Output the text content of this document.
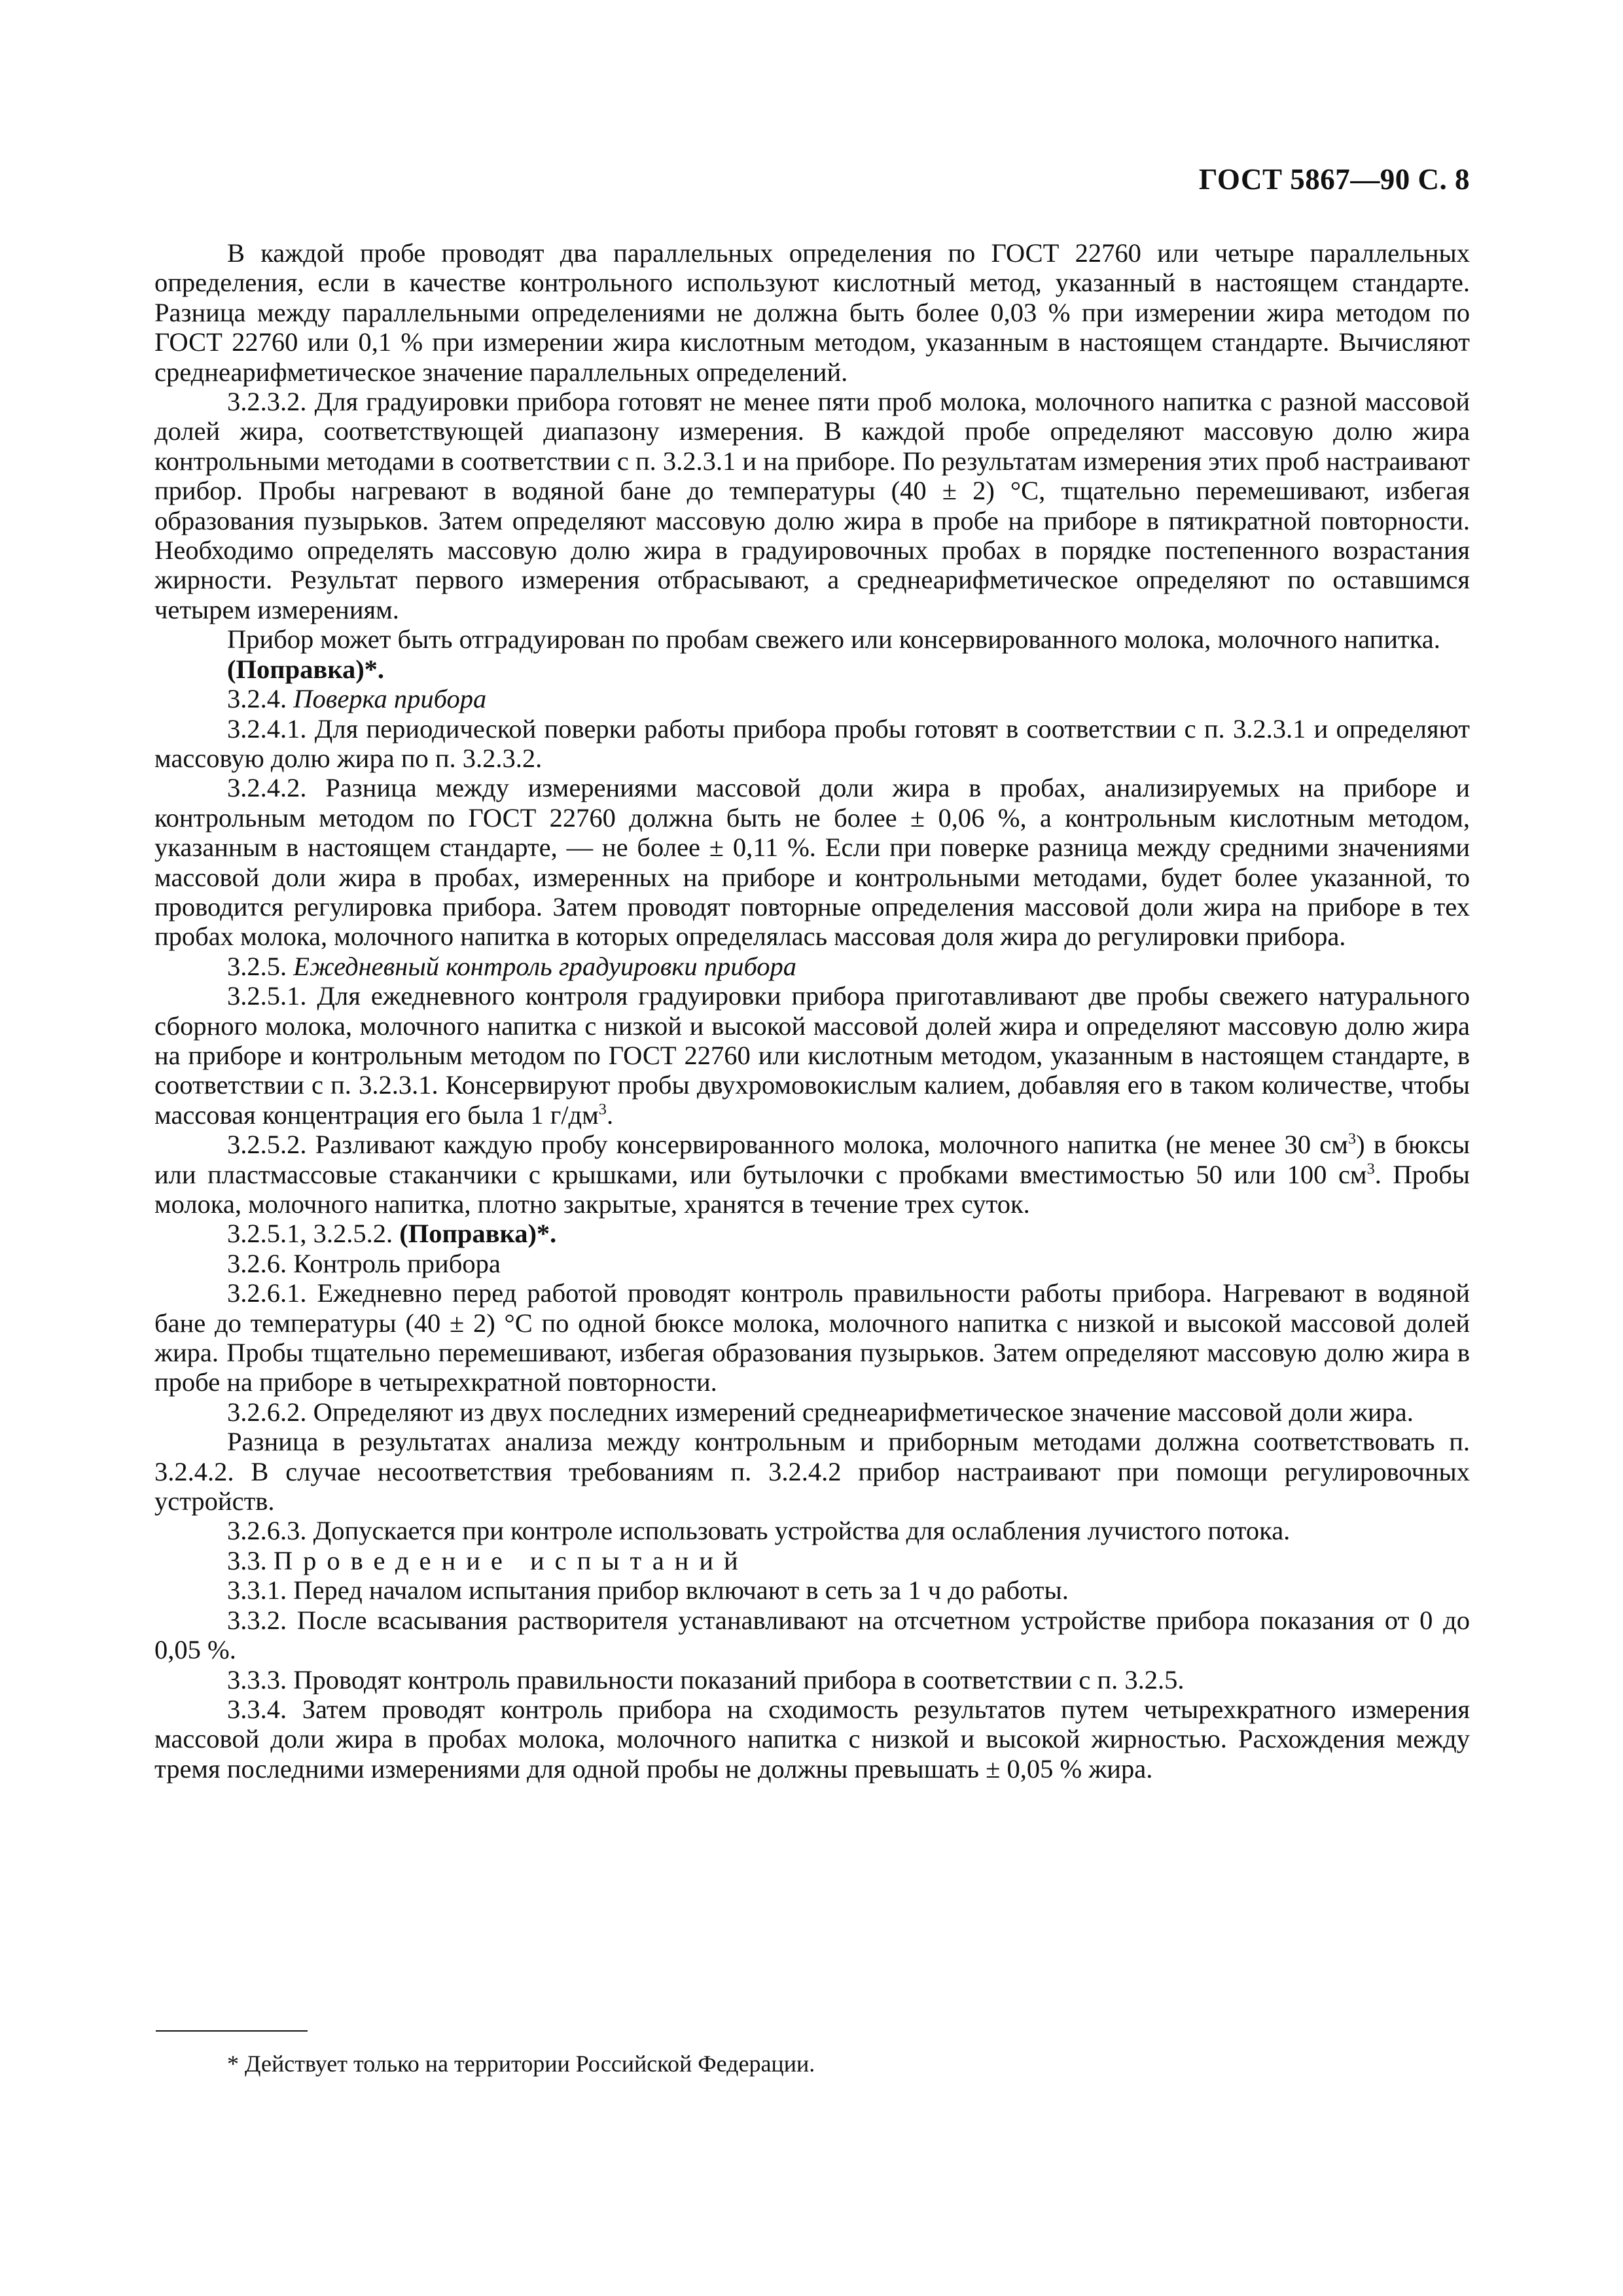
ГОСТ 5867—90 С. 8

В каждой пробе проводят два параллельных определения по ГОСТ 22760 или четыре параллельных определения, если в качестве контрольного используют кислотный метод, указанный в настоящем стандарте. Разница между параллельными определениями не должна быть более 0,03 % при измерении жира методом по ГОСТ 22760 или 0,1 % при измерении жира кислотным методом, указанным в настоящем стандарте. Вычисляют среднеарифметическое значение параллельных определений.

3.2.3.2. Для градуировки прибора готовят не менее пяти проб молока, молочного напитка с разной массовой долей жира, соответствующей диапазону измерения. В каждой пробе определяют массовую долю жира контрольными методами в соответствии с п. 3.2.3.1 и на приборе. По результатам измерения этих проб настраивают прибор. Пробы нагревают в водяной бане до температуры (40 ± 2) °С, тщательно перемешивают, избегая образования пузырьков. Затем определяют массовую долю жира в пробе на приборе в пятикратной повторности. Необходимо определять массовую долю жира в градуировочных пробах в порядке постепенного возрастания жирности. Результат первого измерения отбрасывают, а среднеарифметическое определяют по оставшимся четырем измерениям.

Прибор может быть отградуирован по пробам свежего или консервированного молока, молочного напитка.

(Поправка)*.

3.2.4. Поверка прибора

3.2.4.1. Для периодической поверки работы прибора пробы готовят в соответствии с п. 3.2.3.1 и определяют массовую долю жира по п. 3.2.3.2.

3.2.4.2. Разница между измерениями массовой доли жира в пробах, анализируемых на приборе и контрольным методом по ГОСТ 22760 должна быть не более ± 0,06 %, а контрольным кислотным методом, указанным в настоящем стандарте, — не более ± 0,11 %. Если при поверке разница между средними значениями массовой доли жира в пробах, измеренных на приборе и контрольными методами, будет более указанной, то проводится регулировка прибора. Затем проводят повторные определения массовой доли жира на приборе в тех пробах молока, молочного напитка в которых определялась массовая доля жира до регулировки прибора.

3.2.5. Ежедневный контроль градуировки прибора

3.2.5.1. Для ежедневного контроля градуировки прибора приготавливают две пробы свежего натурального сборного молока, молочного напитка с низкой и высокой массовой долей жира и определяют массовую долю жира на приборе и контрольным методом по ГОСТ 22760 или кислотным методом, указанным в настоящем стандарте, в соответствии с п. 3.2.3.1. Консервируют пробы двухромовокислым калием, добавляя его в таком количестве, чтобы массовая концентрация его была 1 $г/дм^3$.

3.2.5.2. Разливают каждую пробу консервированного молока, молочного напитка (не менее 30 $см^3$) в бюксы или пластмассовые стаканчики с крышками, или бутылочки с пробками вместимостью 50 или 100 $см^3$. Пробы молока, молочного напитка, плотно закрытые, хранятся в течение трех суток.

3.2.5.1, 3.2.5.2. (Поправка)*.

3.2.6. Контроль прибора

3.2.6.1. Ежедневно перед работой проводят контроль правильности работы прибора. Нагревают в водяной бане до температуры (40 ± 2) °С по одной бюксе молока, молочного напитка с низкой и высокой массовой долей жира. Пробы тщательно перемешивают, избегая образования пузырьков. Затем определяют массовую долю жира в пробе на приборе в четырехкратной повторности.

3.2.6.2. Определяют из двух последних измерений среднеарифметическое значение массовой доли жира.

Разница в результатах анализа между контрольным и приборным методами должна соответствовать п. 3.2.4.2. В случае несоответствия требованиям п. 3.2.4.2 прибор настраивают при помощи регулировочных устройств.

3.2.6.3. Допускается при контроле использовать устройства для ослабления лучистого потока.

3.3. Проведение испытаний

3.3.1. Перед началом испытания прибор включают в сеть за 1 ч до работы.

3.3.2. После всасывания растворителя устанавливают на отсчетном устройстве прибора показания от 0 до 0,05 %.

3.3.3. Проводят контроль правильности показаний прибора в соответствии с п. 3.2.5.

3.3.4. Затем проводят контроль прибора на сходимость результатов путем четырехкратного измерения массовой доли жира в пробах молока, молочного напитка с низкой и высокой жирностью. Расхождения между тремя последними измерениями для одной пробы не должны превышать ± 0,05 % жира.

* Действует только на территории Российской Федерации.
